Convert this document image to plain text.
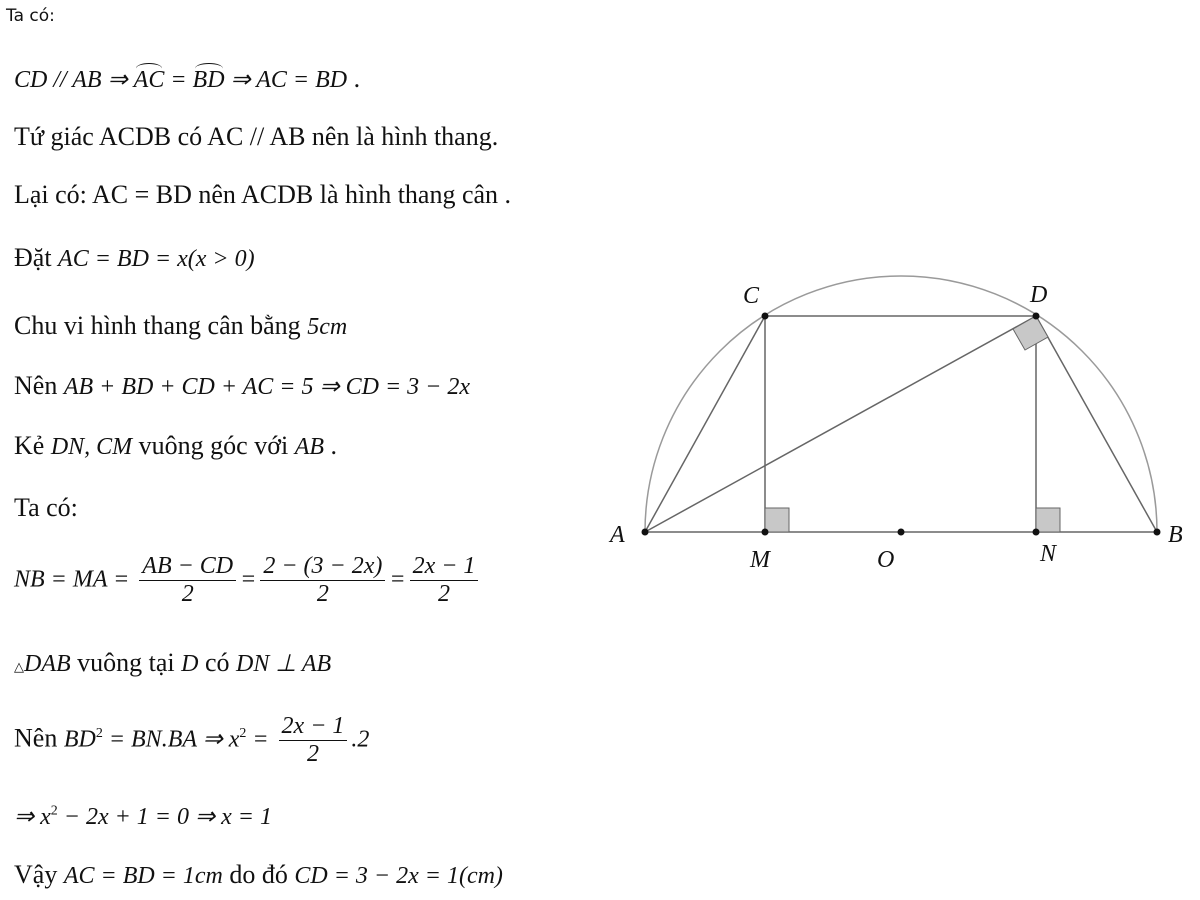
Ta có:
CD // AB ⇒ AC = BD ⇒ AC = BD .
Tứ giác ACDB có AC // AB nên là hình thang.
Lại có: AC = BD nên ACDB là hình thang cân .
Đặt AC = BD = x(x > 0)
Chu vi hình thang cân bằng 5cm
Nên AB + BD + CD + AC = 5 ⇒ CD = 3 − 2x
Kẻ DN, CM vuông góc với AB .
Ta có:
NB = MA = $\frac{AB - CD}{2} = \frac{2 - (3 - 2x)}{2} = \frac{2x - 1}{2}$
△DAB vuông tại D có DN ⊥ AB
Nên $BD^2 = BN.BA$ ⇒ $x^2 = \frac{2x - 1}{2} .2$
⇒ $x^2 - 2x + 1 = 0$ ⇒ x = 1
Vậy AC = BD = 1cm do đó CD = 3 − 2x = 1(cm)
A	B
C	D
M	O	N
